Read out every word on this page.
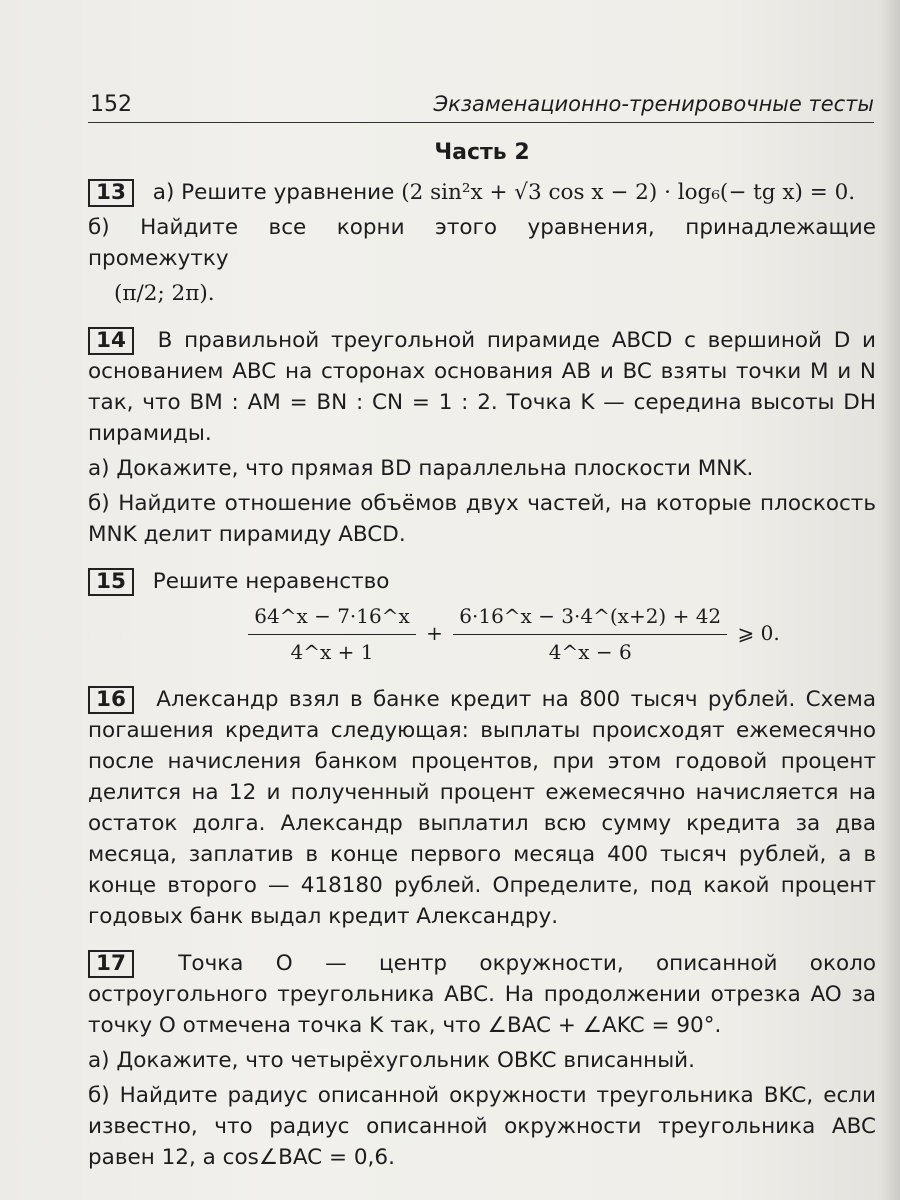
152	Экзаменационно-тренировочные тесты
Часть 2

13 а) Решите уравнение (2 sin²x + √3 cos x − 2) · log₆(− tg x) = 0.

б) Найдите все корни этого уравнения, принадлежащие промежутку

(π/2; 2π).

14 В правильной треугольной пирамиде ABCD с вершиной D и основанием ABC на сторонах основания AB и BC взяты точки M и N так, что BM : AM = BN : CN = 1 : 2. Точка K — середина высоты DH пирамиды.

а) Докажите, что прямая BD параллельна плоскости MNK.

б) Найдите отношение объёмов двух частей, на которые плоскость MNK делит пирамиду ABCD.

15 Решите неравенство

$\frac{64\^{}x - 7\cdot 16\^{}x}{4\^{}x + 1} + \frac{6\cdot 16\^{}x - 3\cdot 4\^{}(x+2) + 42}{4\^{}x - 6}$ ⩾ 0.

16 Александр взял в банке кредит на 800 тысяч рублей. Схема погашения кредита следующая: выплаты происходят ежемесячно после начисления банком процентов, при этом годовой процент делится на 12 и полученный процент ежемесячно начисляется на остаток долга. Александр выплатил всю сумму кредита за два месяца, заплатив в конце первого месяца 400 тысяч рублей, а в конце второго — 418180 рублей. Определите, под какой процент годовых банк выдал кредит Александру.

17 Точка O — центр окружности, описанной около остроугольного треугольника ABC. На продолжении отрезка AO за точку O отмечена точка K так, что ∠BAC + ∠AKC = 90°.

а) Докажите, что четырёхугольник OBKC вписанный.

б) Найдите радиус описанной окружности треугольника BKC, если известно, что радиус описанной окружности треугольника ABC равен 12, а cos∠BAC = 0,6.
